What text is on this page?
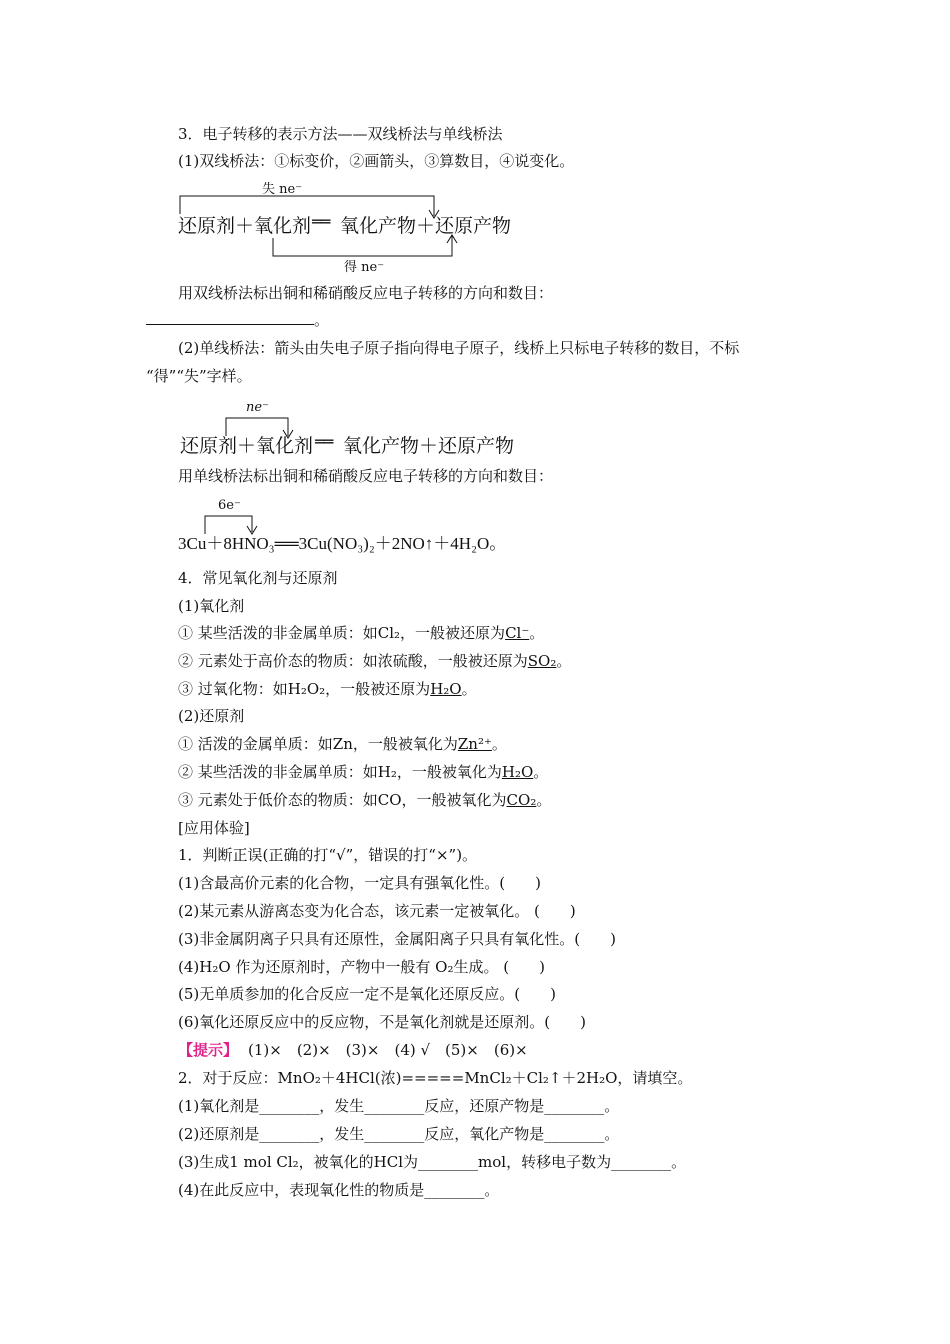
3．电子转移的表示方法——双线桥法与单线桥法
(1)双线桥法：①标变价，②画箭头，③算数目，④说变化。
失 ne⁻
还原剂＋氧化剂 ══ 氧化产物＋还原产物
得 ne⁻
用双线桥法标出铜和稀硝酸反应电子转移的方向和数目：
。
(2)单线桥法：箭头由失电子原子指向得电子原子，线桥上只标电子转移的数目，不标
“得”“失”字样。
ne⁻
还原剂＋氧化剂 ══ 氧化产物＋还原产物
用单线桥法标出铜和稀硝酸反应电子转移的方向和数目：
6e⁻
3Cu＋8HNO₃══3Cu(NO₃)₂＋2NO↑＋4H₂O。
4．常见氧化剂与还原剂
(1)氧化剂
① 某些活泼的非金属单质：如Cl₂，一般被还原为Cl⁻。
② 元素处于高价态的物质：如浓硫酸，一般被还原为SO₂。
③ 过氧化物：如H₂O₂，一般被还原为H₂O。
(2)还原剂
① 活泼的金属单质：如Zn，一般被氧化为Zn²⁺。
② 某些活泼的非金属单质：如H₂，一般被氧化为H₂O。
③ 元素处于低价态的物质：如CO，一般被氧化为CO₂。
[应用体验]
1．判断正误(正确的打“√”，错误的打“×”)。
(1)含最高价元素的化合物，一定具有强氧化性。(　　)
(2)某元素从游离态变为化合态，该元素一定被氧化。 (　　)
(3)非金属阴离子只具有还原性，金属阳离子只具有氧化性。(　　)
(4)H₂O 作为还原剂时，产物中一般有 O₂生成。 (　　)
(5)无单质参加的化合反应一定不是氧化还原反应。(　　)
(6)氧化还原反应中的反应物，不是氧化剂就是还原剂。(　　)
【提示】 (1)×　(2)×　(3)×　(4) √　(5)×　(6)×
2．对于反应：MnO₂＋4HCl(浓)=====MnCl₂＋Cl₂↑＋2H₂O，请填空。
(1)氧化剂是________，发生________反应，还原产物是________。
(2)还原剂是________，发生________反应，氧化产物是________。
(3)生成1 mol Cl₂，被氧化的HCl为________mol，转移电子数为________。
(4)在此反应中，表现氧化性的物质是________。
